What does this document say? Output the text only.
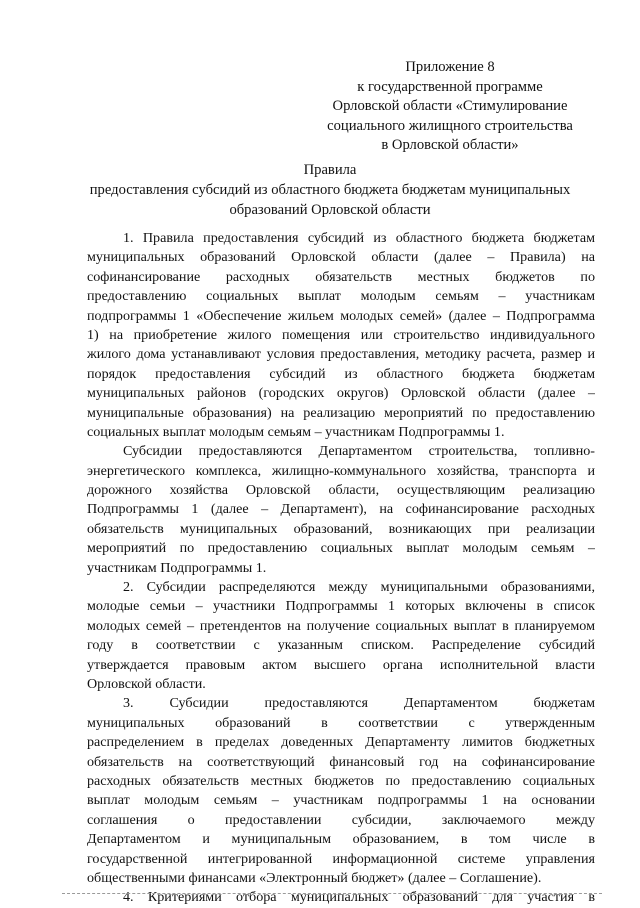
Приложение 8
к государственной программе
Орловской области «Стимулирование
социального жилищного строительства
в Орловской области»
Правила
предоставления субсидий из областного бюджета бюджетам муниципальных
образований Орловской области
1. Правила предоставления субсидий из областного бюджета бюджетам
муниципальных образований Орловской области (далее – Правила) на
софинансирование расходных обязательств местных бюджетов по
предоставлению социальных выплат молодым семьям – участникам
подпрограммы 1 «Обеспечение жильем молодых семей» (далее – Подпрограмма
1) на приобретение жилого помещения или строительство индивидуального
жилого дома устанавливают условия предоставления, методику расчета, размер и
порядок предоставления субсидий из областного бюджета бюджетам
муниципальных районов (городских округов) Орловской области (далее –
муниципальные образования) на реализацию мероприятий по предоставлению
социальных выплат молодым семьям – участникам Подпрограммы 1.
Субсидии предоставляются Департаментом строительства, топливно-
энергетического комплекса, жилищно-коммунального хозяйства, транспорта и
дорожного хозяйства Орловской области, осуществляющим реализацию
Подпрограммы 1 (далее – Департамент), на софинансирование расходных
обязательств муниципальных образований, возникающих при реализации
мероприятий по предоставлению социальных выплат молодым семьям –
участникам Подпрограммы 1.
2. Субсидии распределяются между муниципальными образованиями,
молодые семьи – участники Подпрограммы 1 которых включены в список
молодых семей – претендентов на получение социальных выплат в планируемом
году в соответствии с указанным списком. Распределение субсидий
утверждается правовым актом высшего органа исполнительной власти
Орловской области.
3. Субсидии предоставляются Департаментом бюджетам
муниципальных образований в соответствии с утвержденным
распределением в пределах доведенных Департаменту лимитов бюджетных
обязательств на соответствующий финансовый год на софинансирование
расходных обязательств местных бюджетов по предоставлению социальных
выплат молодым семьям – участникам подпрограммы 1 на основании
соглашения о предоставлении субсидии, заключаемого между
Департаментом и муниципальным образованием, в том числе в
государственной интегрированной информационной системе управления
общественными финансами «Электронный бюджет» (далее – Соглашение).
4. Критериями отбора муниципальных образований для участия в
